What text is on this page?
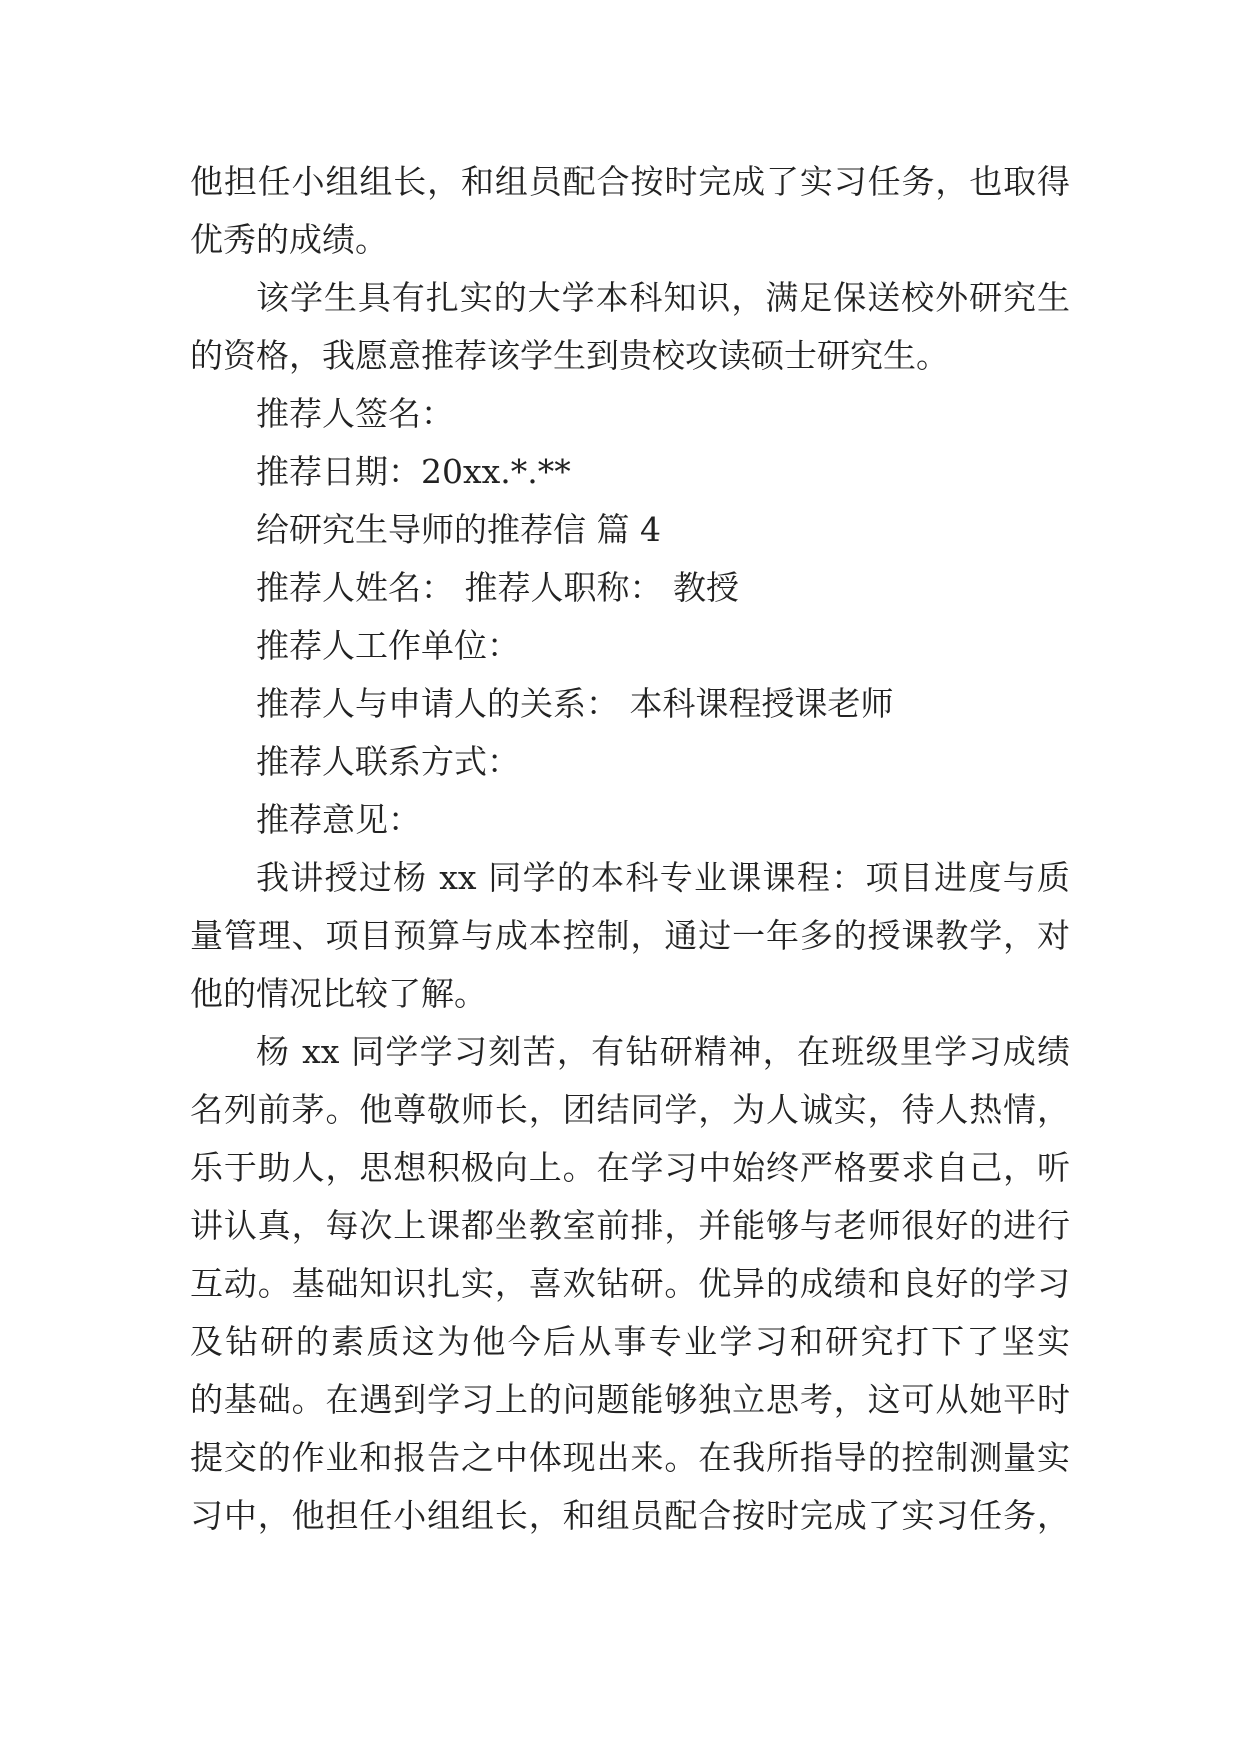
他担任小组组长，和组员配合按时完成了实习任务，也取得
优秀的成绩。
该学生具有扎实的大学本科知识，满足保送校外研究生
的资格，我愿意推荐该学生到贵校攻读硕士研究生。
推荐人签名：
推荐日期：20xx.*.**
给研究生导师的推荐信 篇 4
推荐人姓名： 推荐人职称： 教授
推荐人工作单位：
推荐人与申请人的关系： 本科课程授课老师
推荐人联系方式：
推荐意见：
我讲授过杨 xx 同学的本科专业课课程：项目进度与质
量管理、项目预算与成本控制，通过一年多的授课教学，对
他的情况比较了解。
杨 xx 同学学习刻苦，有钻研精神，在班级里学习成绩
名列前茅。他尊敬师长，团结同学，为人诚实，待人热情，
乐于助人，思想积极向上。在学习中始终严格要求自己，听
讲认真，每次上课都坐教室前排，并能够与老师很好的进行
互动。基础知识扎实，喜欢钻研。优异的成绩和良好的学习
及钻研的素质这为他今后从事专业学习和研究打下了坚实
的基础。在遇到学习上的问题能够独立思考，这可从她平时
提交的作业和报告之中体现出来。在我所指导的控制测量实
习中，他担任小组组长，和组员配合按时完成了实习任务，
